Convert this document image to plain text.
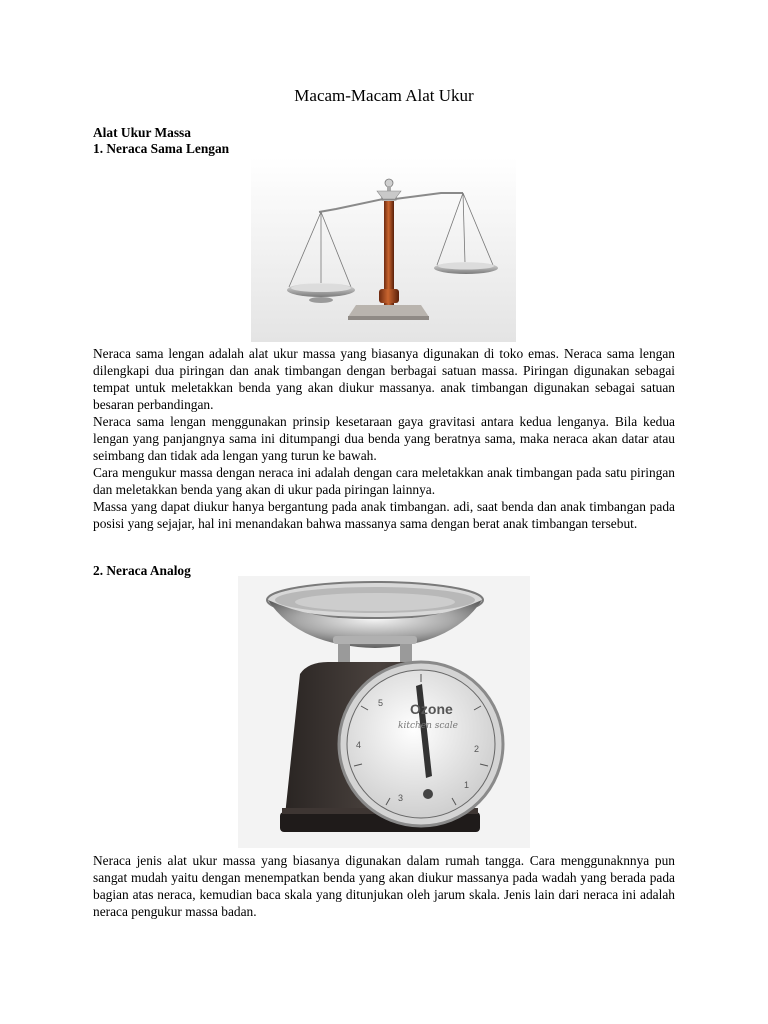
Macam-Macam Alat Ukur

Alat Ukur Massa

1. Neraca Sama Lengan

Neraca sama lengan adalah alat ukur massa yang biasanya digunakan di toko emas. Neraca sama lengan dilengkapi dua piringan dan anak timbangan dengan berbagai satuan massa. Piringan digunakan sebagai tempat untuk meletakkan benda yang akan diukur massanya. anak timbangan digunakan sebagai satuan besaran perbandingan.

Neraca sama lengan menggunakan prinsip kesetaraan gaya gravitasi antara kedua lenganya. Bila kedua lengan yang panjangnya sama ini ditumpangi dua benda yang beratnya sama, maka neraca akan datar atau seimbang dan tidak ada lengan yang turun ke bawah.

Cara mengukur massa dengan neraca ini adalah dengan cara meletakkan anak timbangan pada satu piringan dan meletakkan benda yang akan di ukur pada piringan lainnya.

Massa yang dapat diukur hanya bergantung pada anak timbangan. adi, saat benda dan anak timbangan pada posisi yang sejajar, hal ini menandakan bahwa massanya sama dengan berat anak timbangan tersebut.

2. Neraca Analog

Ozone
kitchen scale
1
2
3
4
5

Neraca jenis alat ukur massa yang biasanya digunakan dalam rumah tangga. Cara menggunaknnya pun sangat mudah yaitu dengan menempatkan benda yang akan diukur massanya pada wadah yang berada pada bagian atas neraca, kemudian baca skala yang ditunjukan oleh jarum skala. Jenis lain dari neraca ini adalah neraca pengukur massa badan.
